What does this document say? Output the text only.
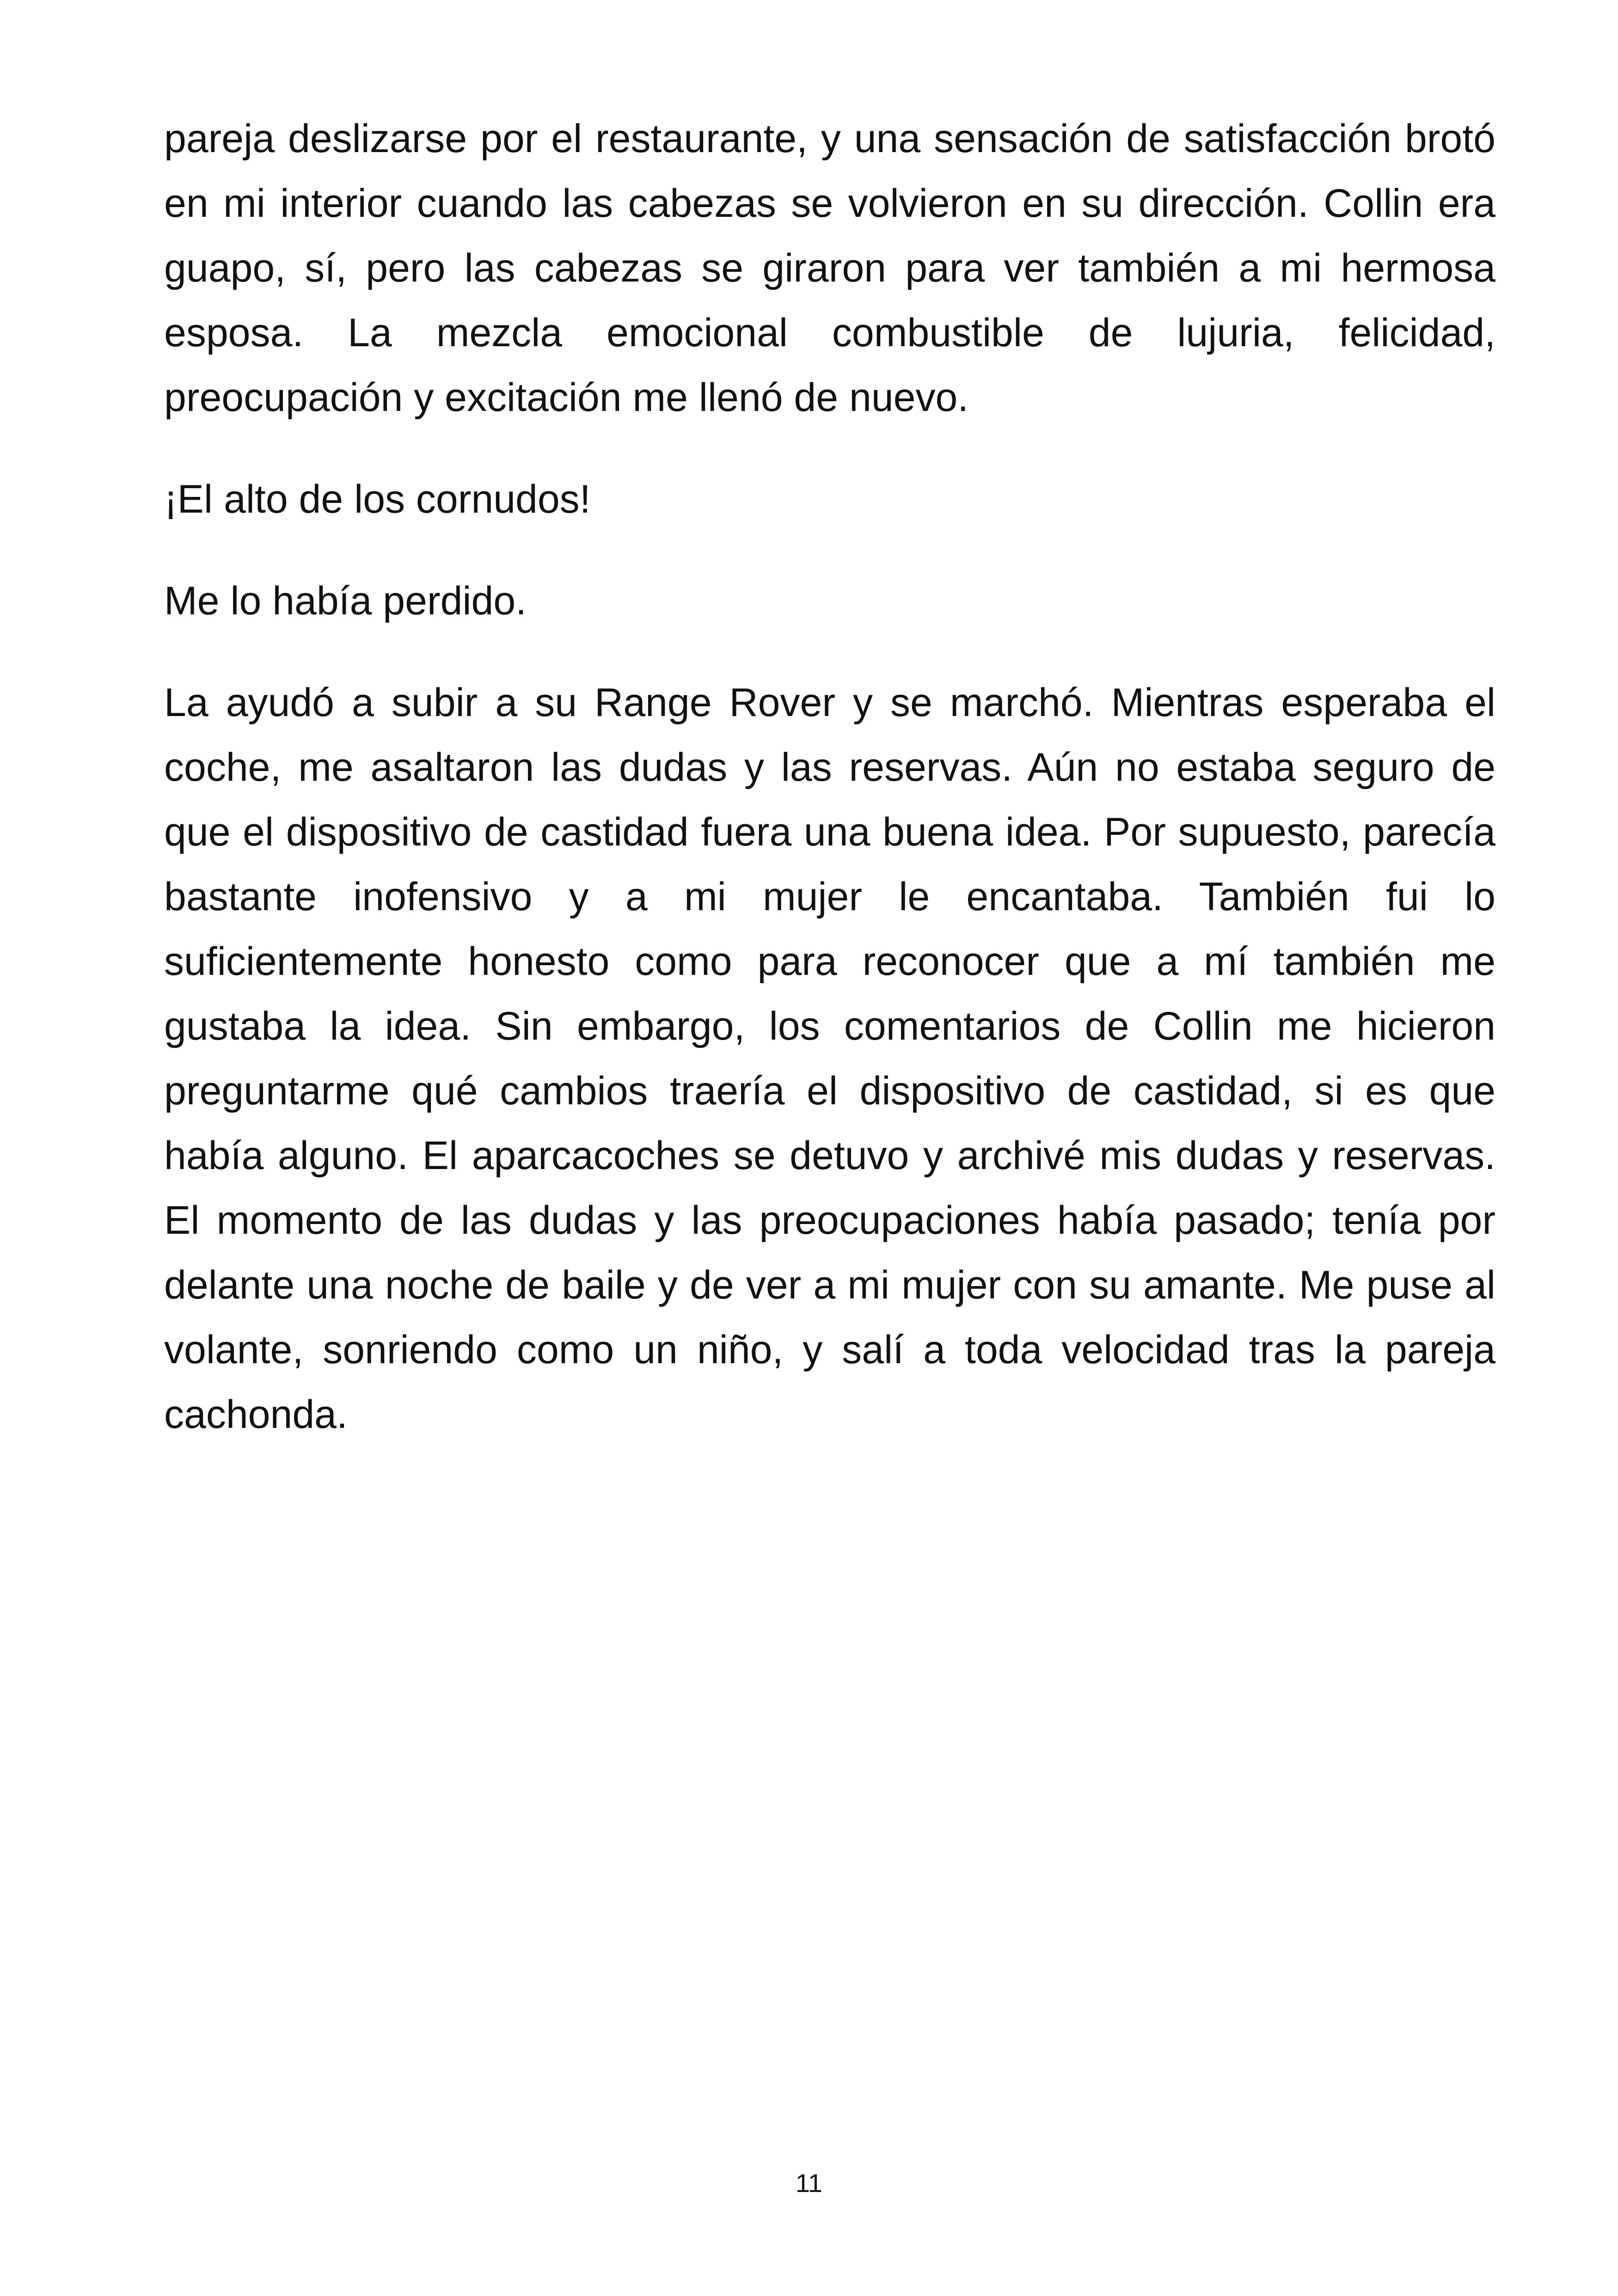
pareja deslizarse por el restaurante, y una sensación de satisfacción brotó en mi interior cuando las cabezas se volvieron en su dirección. Collin era guapo, sí, pero las cabezas se giraron para ver también a mi hermosa esposa. La mezcla emocional combustible de lujuria, felicidad, preocupación y excitación me llenó de nuevo.

¡El alto de los cornudos!

Me lo había perdido.

La ayudó a subir a su Range Rover y se marchó. Mientras esperaba el coche, me asaltaron las dudas y las reservas. Aún no estaba seguro de que el dispositivo de castidad fuera una buena idea. Por supuesto, parecía bastante inofensivo y a mi mujer le encantaba. También fui lo suficientemente honesto como para reconocer que a mí también me gustaba la idea. Sin embargo, los comentarios de Collin me hicieron preguntarme qué cambios traería el dispositivo de castidad, si es que había alguno. El aparcacoches se detuvo y archivé mis dudas y reservas. El momento de las dudas y las preocupaciones había pasado; tenía por delante una noche de baile y de ver a mi mujer con su amante. Me puse al volante, sonriendo como un niño, y salí a toda velocidad tras la pareja cachonda.

11
